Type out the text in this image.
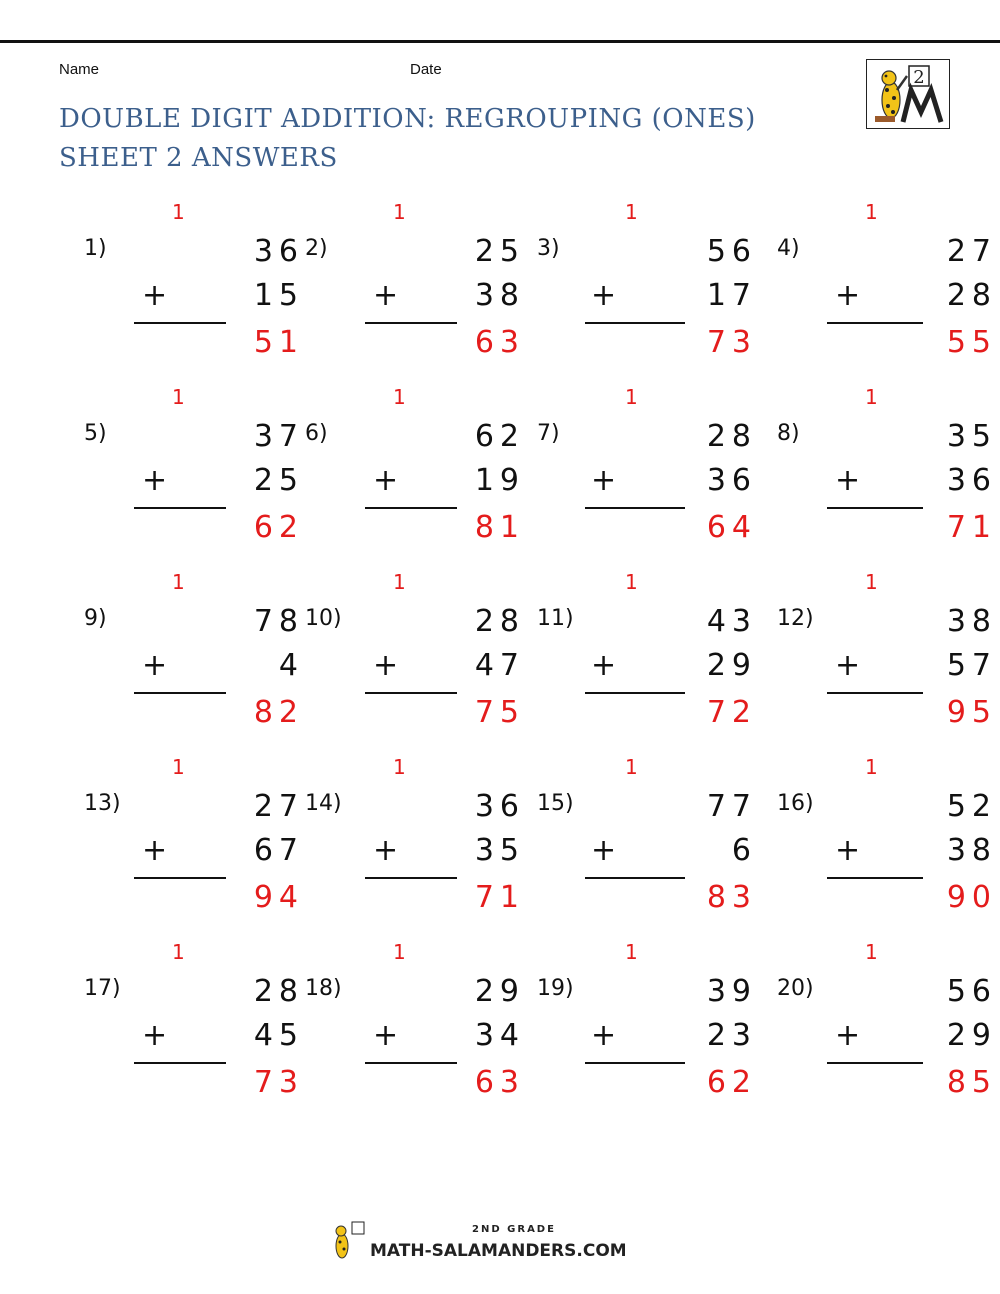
Name	Date
DOUBLE DIGIT ADDITION: REGROUPING (ONES)
SHEET 2 ANSWERS
2
1)
1
36
+	15
51
2)
1
25
+	38
63
3)
1
56
+	17
73
4)
1
27
+	28
55
5)
1
37
+	25
62
6)
1
62
+	19
81
7)
1
28
+	36
64
8)
1
35
+	36
71
9)
1
78
+	4
82
10)
1
28
+	47
75
11)
1
43
+	29
72
12)
1
38
+	57
95
13)
1
27
+	67
94
14)
1
36
+	35
71
15)
1
77
+	6
83
16)
1
52
+	38
90
17)
1
28
+	45
73
18)
1
29
+	34
63
19)
1
39
+	23
62
20)
1
56
+	29
85
2ND GRADE
MATH-SALAMANDERS.COM
